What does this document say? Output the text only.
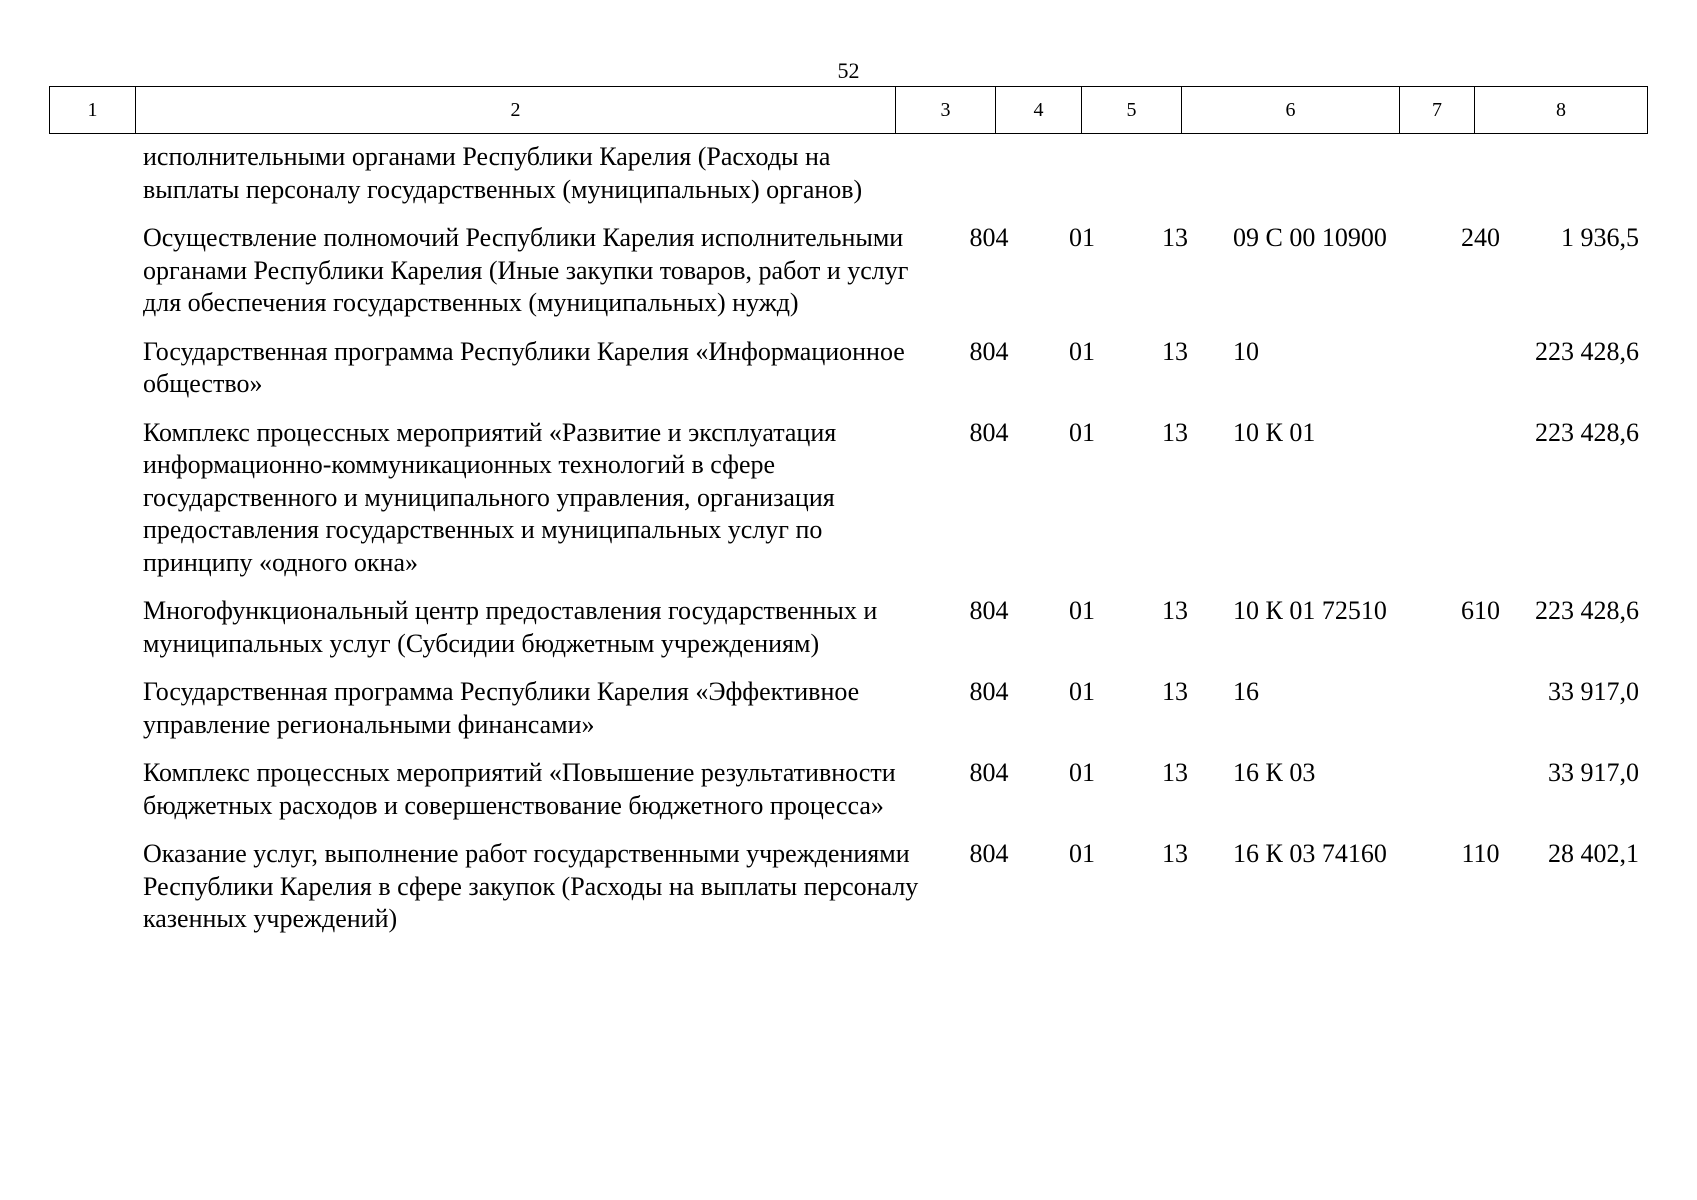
52
1	2	3	4	5	6	7	8
исполнительными органами Республики Карелия (Расходы на выплаты персоналу государственных (муниципальных) органов)						

Осуществление полномочий Республики Карелия исполнительными органами Республики Карелия (Иные закупки товаров, работ и услуг для обеспечения государственных (муниципальных) нужд)	804	01	13	09 С 00 10900	240	1 936,5

Государственная программа Республики Карелия «Информационное общество»	804	01	13	10		223 428,6

Комплекс процессных мероприятий «Развитие и эксплуатация информационно-коммуникационных технологий в сфере государственного и муниципального управления, организация предоставления государственных и муниципальных услуг по принципу «одного окна»	804	01	13	10 К 01		223 428,6

Многофункциональный центр предоставления государственных и муниципальных услуг (Субсидии бюджетным учреждениям)	804	01	13	10 К 01 72510	610	223 428,6

Государственная программа Республики Карелия «Эффективное управление региональными финансами»	804	01	13	16		33 917,0

Комплекс процессных мероприятий «Повышение результативности бюджетных расходов и совершенствование бюджетного процесса»	804	01	13	16 К 03		33 917,0

Оказание услуг, выполнение работ государственными учреждениями Республики Карелия в сфере закупок (Расходы на выплаты персоналу казенных учреждений)	804	01	13	16 К 03 74160	110	28 402,1
